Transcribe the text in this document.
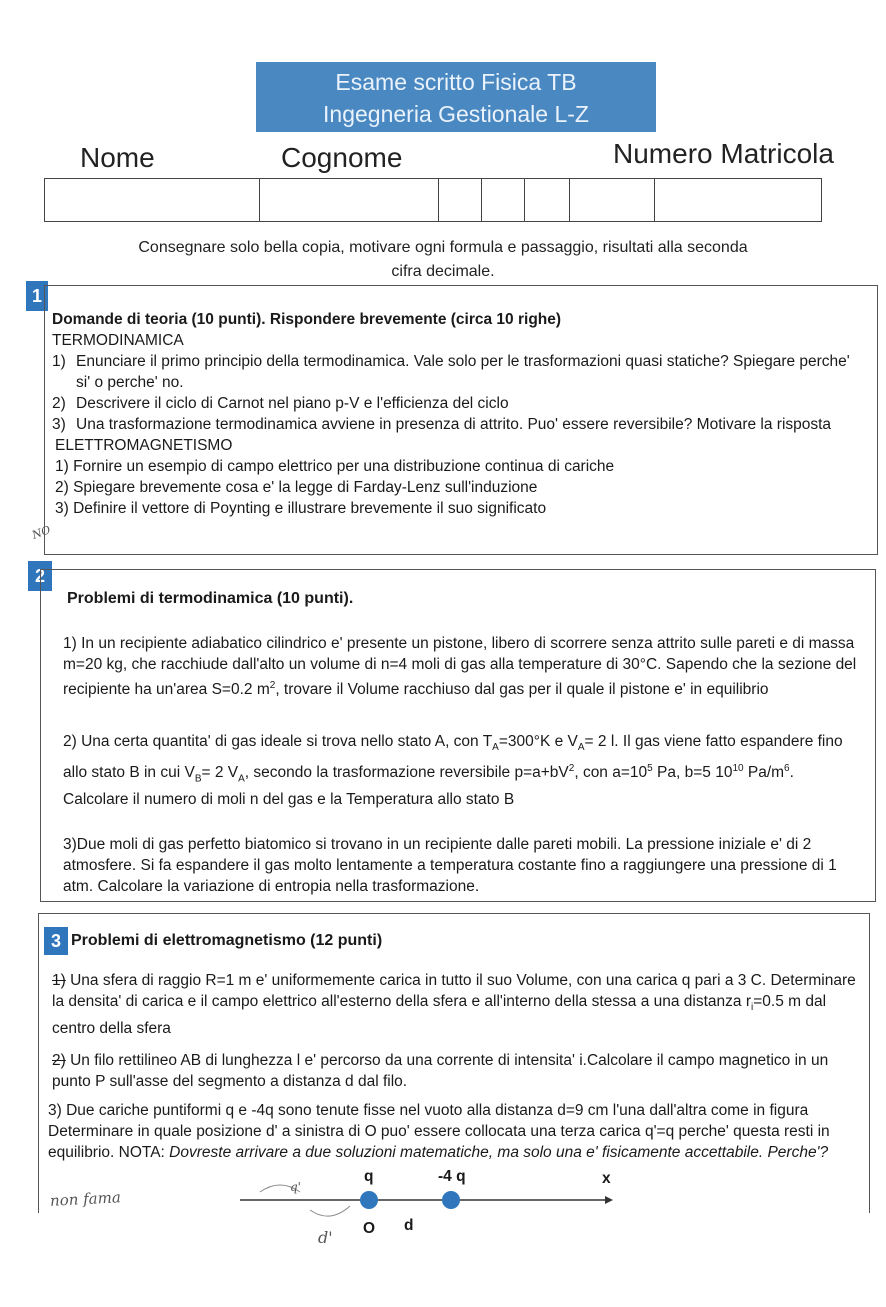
Esame scritto Fisica TB
Ingegneria Gestionale L-Z
Nome	Cognome	Numero Matricola
Consegnare solo bella copia, motivare ogni formula e passaggio, risultati alla seconda
cifra decimale.
1

Domande di teoria (10 punti). Rispondere brevemente (circa 10 righe)

TERMODINAMICA

1) Enunciare il primo principio della termodinamica. Vale solo per le trasformazioni quasi statiche? Spiegare perche' si' o perche' no.
2) Descrivere il ciclo di Carnot nel piano p-V e l'efficienza del ciclo
3) Una trasformazione termodinamica avviene in presenza di attrito. Puo' essere reversibile? Motivare la risposta

ELETTROMAGNETISMO

1) Fornire un esempio di campo elettrico per una distribuzione continua di cariche

2) Spiegare brevemente cosa e' la legge di Farday-Lenz sull'induzione

3) Definire il vettore di Poynting e illustrare brevemente il suo significato

NO
2
Problemi di termodinamica (10 punti).
1) In un recipiente adiabatico cilindrico e' presente un pistone, libero di scorrere senza attrito sulle pareti e di massa m=20 kg, che racchiude dall'alto un volume di n=4 moli di gas alla temperature di 30°C. Sapendo che la sezione del recipiente ha un'area S=0.2 $m^2$, trovare il Volume racchiuso dal gas per il quale il pistone e' in equilibrio
2) Una certa quantita' di gas ideale si trova nello stato A, con $T_A=300^\circ K$ e $V_A= 2$ l. Il gas viene fatto espandere fino allo stato B in cui $V_B= 2$ $V_A$, secondo la trasformazione reversibile $p=a+bV^2$, con $a=10^5$ Pa, b=5 $10^{10}$ $Pa/m^6$.

Calcolare il numero di moli n del gas e la Temperatura allo stato B

3)Due moli di gas perfetto biatomico si trovano in un recipiente dalle pareti mobili. La pressione iniziale e' di 2 atmosfere. Si fa espandere il gas molto lentamente a temperatura costante fino a raggiungere una pressione di 1 atm. Calcolare la variazione di entropia nella trasformazione.
3 Problemi di elettromagnetismo (12 punti)
1) Una sfera di raggio R=1 m e' uniformemente carica in tutto il suo Volume, con una carica q pari a 3 C. Determinare la densita' di carica e il campo elettrico all'esterno della sfera e all'interno della stessa a una distanza $r_i=0.5$ m dal centro della sfera
2) Un filo rettilineo AB di lunghezza l e' percorso da una corrente di intensita' i.Calcolare il campo magnetico in un punto P sull'asse del segmento a distanza d dal filo.
3) Due cariche puntiformi q e -4q sono tenute fisse nel vuoto alla distanza d=9 cm l'una dall'altra come in figura Determinare in quale posizione d' a sinistra di O puo' essere collocata una terza carica q'=q perche' questa resti in equilibrio. NOTA: Dovreste arrivare a due soluzioni matematiche, ma solo una e' fisicamente accettabile. Perche'?
q	-4 q	x
O d
q'
d'
non fama
